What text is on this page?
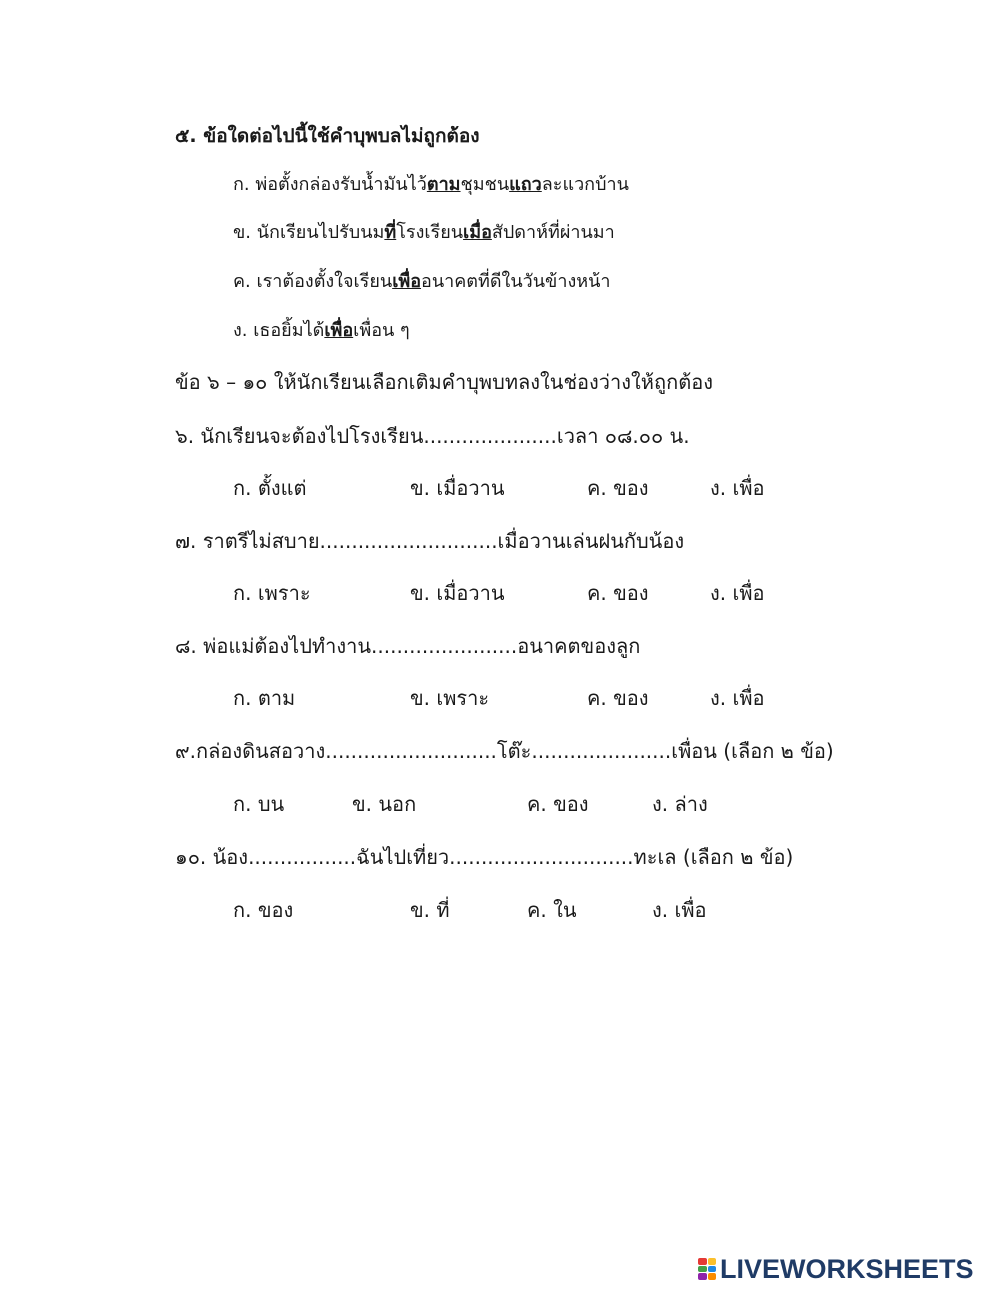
๕. ข้อใดต่อไปนี้ใช้คำบุพบลไม่ถูกต้อง
ก. พ่อตั้งกล่องรับน้ำมันไว้ตามชุมชนแถวละแวกบ้าน
ข. นักเรียนไปรับนมที่โรงเรียนเมื่อสัปดาห์ที่ผ่านมา
ค. เราต้องตั้งใจเรียนเพื่ออนาคตที่ดีในวันข้างหน้า
ง. เธอยิ้มได้เพื่อเพื่อน ๆ
ข้อ ๖ – ๑๐ ให้นักเรียนเลือกเติมคำบุพบทลงในช่องว่างให้ถูกต้อง
๖. นักเรียนจะต้องไปโรงเรียน.....................เวลา ๐๘.๐๐ น.
ก. ตั้งแต่	ข. เมื่อวาน	ค. ของ	ง. เพื่อ
๗. ราตรีไม่สบาย............................เมื่อวานเล่นฝนกับน้อง
ก. เพราะ	ข. เมื่อวาน	ค. ของ	ง. เพื่อ
๘. พ่อแม่ต้องไปทำงาน.......................อนาคตของลูก
ก. ตาม	ข. เพราะ	ค. ของ	ง. เพื่อ
๙.กล่องดินสอวาง...........................โต๊ะ......................เพื่อน (เลือก ๒ ข้อ)
ก. บน	ข. นอก	ค. ของ	ง. ล่าง
๑๐. น้อง.................ฉันไปเที่ยว.............................ทะเล (เลือก ๒ ข้อ)
ก. ของ	ข. ที่	ค. ใน	ง. เพื่อ
LIVEWORKSHEETS
